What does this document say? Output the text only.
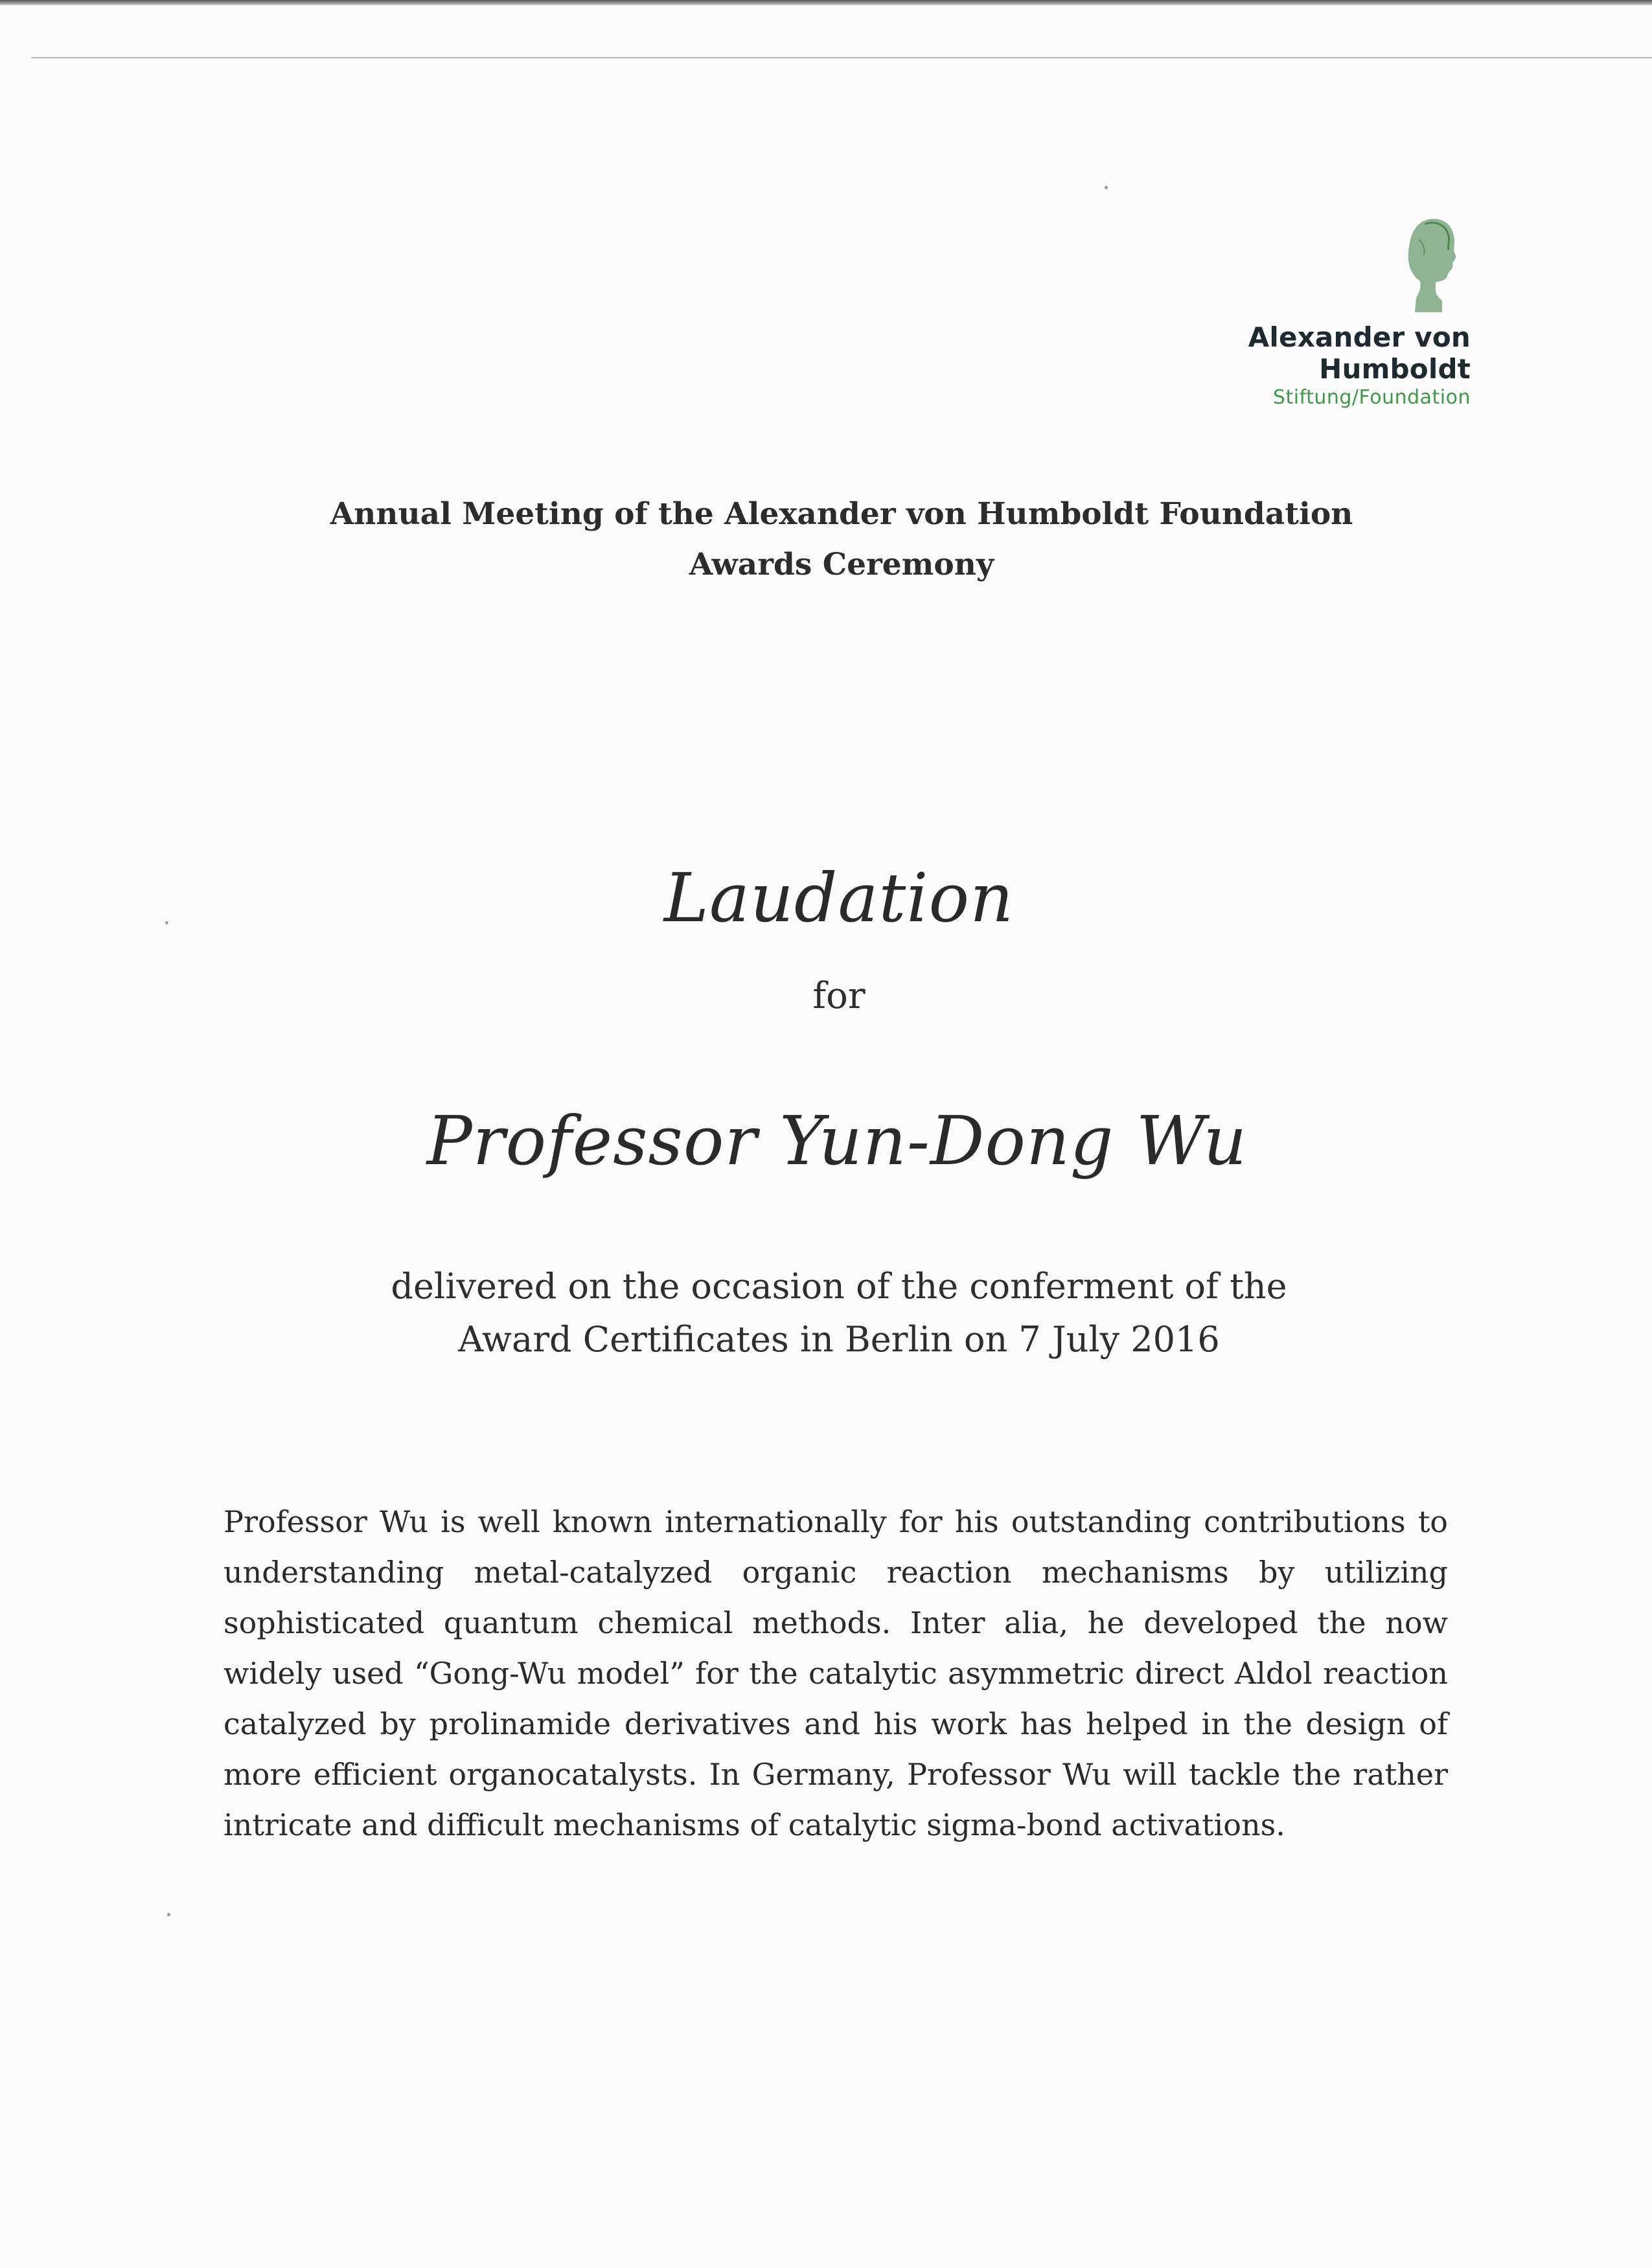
Alexander von Humboldt
Stiftung/Foundation
Annual Meeting of the Alexander von Humboldt Foundation
Awards Ceremony
Laudation
for
Professor Yun-Dong Wu
delivered on the occasion of the conferment of the
Award Certificates in Berlin on 7 July 2016
Professor Wu is well known internationally for his outstanding contributions to understanding metal-catalyzed organic reaction mechanisms by utilizing sophisticated quantum chemical methods. Inter alia, he developed the now widely used “Gong-Wu model” for the catalytic asymmetric direct Aldol reaction catalyzed by prolinamide derivatives and his work has helped in the design of more efficient organocatalysts. In Germany, Professor Wu will tackle the rather intricate and difficult mechanisms of catalytic sigma-bond activations.
